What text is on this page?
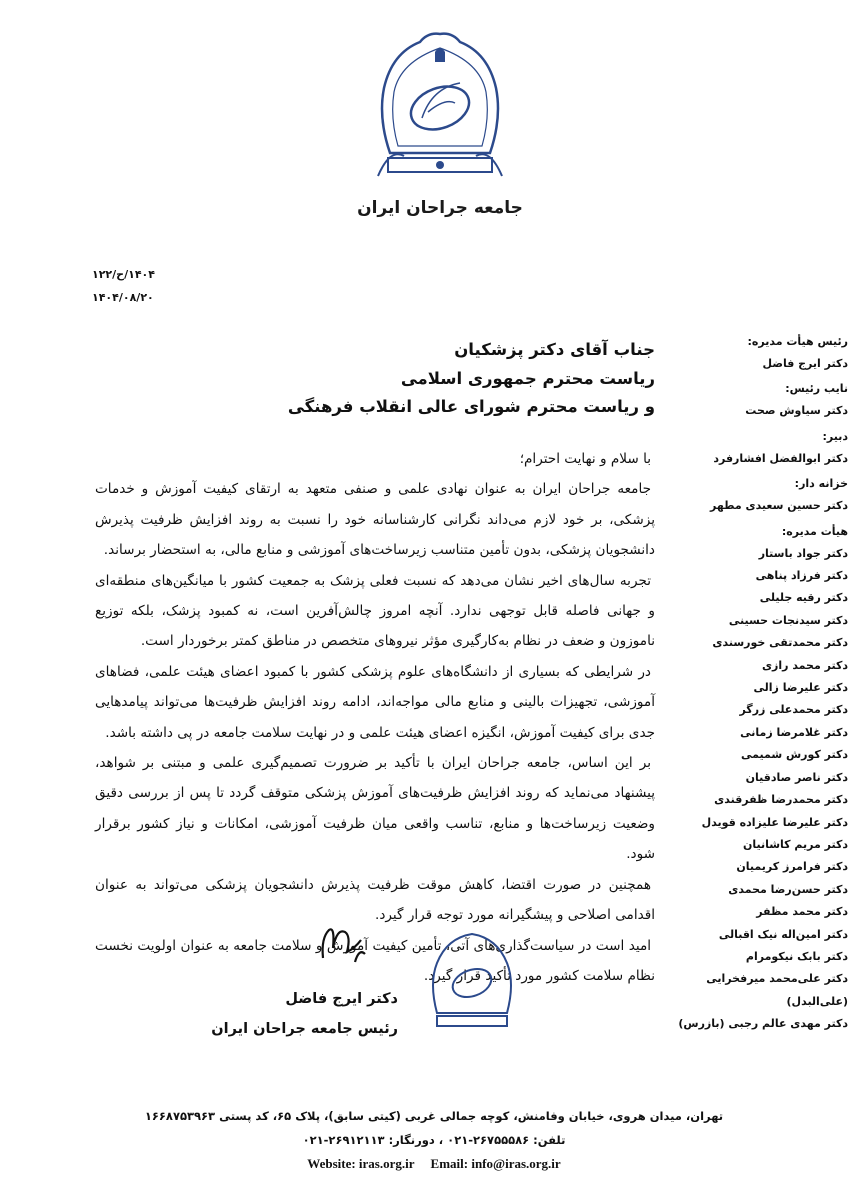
جامعه جراحان ایران
۱۴۰۴/ح/۱۲۲
۱۴۰۴/۰۸/۲۰
جناب آقای دکتر پزشکیان
ریاست محترم جمهوری اسلامی
و ریاست محترم شورای عالی انقلاب فرهنگی

با سلام و نهایت احترام؛

جامعه جراحان ایران به عنوان نهادی علمی و صنفی متعهد به ارتقای کیفیت آموزش و خدمات پزشکی، بر خود لازم می‌داند نگرانی کارشناسانه خود را نسبت به روند افزایش ظرفیت پذیرش دانشجویان پزشکی، بدون تأمین متناسب زیرساخت‌های آموزشی و منابع مالی، به استحضار برساند.

تجربه سال‌های اخیر نشان می‌دهد که نسبت فعلی پزشک به جمعیت کشور با میانگین‌های منطقه‌ای و جهانی فاصله قابل توجهی ندارد. آنچه امروز چالش‌آفرین است، نه کمبود پزشک، بلکه توزیع ناموزون و ضعف در نظام به‌کارگیری مؤثر نیروهای متخصص در مناطق کمتر برخوردار است.

در شرایطی که بسیاری از دانشگاه‌های علوم پزشکی کشور با کمبود اعضای هیئت علمی، فضاهای آموزشی، تجهیزات بالینی و منابع مالی مواجه‌اند، ادامه روند افزایش ظرفیت‌ها می‌تواند پیامدهایی جدی برای کیفیت آموزش، انگیزه اعضای هیئت علمی و در نهایت سلامت جامعه در پی داشته باشد.

بر این اساس، جامعه جراحان ایران با تأکید بر ضرورت تصمیم‌گیری علمی و مبتنی بر شواهد، پیشنهاد می‌نماید که روند افزایش ظرفیت‌های آموزش پزشکی متوقف گردد تا پس از بررسی دقیق وضعیت زیرساخت‌ها و منابع، تناسب واقعی میان ظرفیت آموزشی، امکانات و نیاز کشور برقرار شود.

همچنین در صورت اقتضا، کاهش موقت ظرفیت پذیرش دانشجویان پزشکی می‌تواند به عنوان اقدامی اصلاحی و پیشگیرانه مورد توجه قرار گیرد.

امید است در سیاست‌گذاری‌های آتی، تأمین کیفیت آموزش و سلامت جامعه به عنوان اولویت نخست نظام سلامت کشور مورد تأکید قرار گیرد.

دکتر ایرج فاضل
رئیس جامعه جراحان ایران
رئیس هیأت مدیره:
دکتر ایرج فاضل
نایب رئیس:
دکتر سیاوش صحت
دبیر:
دکتر ابوالفضل افشارفرد
خزانه دار:
دکتر حسین سعیدی مطهر
هیأت مدیره:
دکتر جواد باستار
دکتر فرزاد پناهی
دکتر رقیه جلیلی
دکتر سیدنجات حسینی
دکتر محمدتقی خورسندی
دکتر محمد رازی
دکتر علیرضا زالی
دکتر محمدعلی زرگر
دکتر غلامرضا زمانی
دکتر کورش شمیمی
دکتر ناصر صادقیان
دکتر محمدرضا ظفرقندی
دکتر علیرضا علیزاده قویدل
دکتر مریم کاشانیان
دکتر فرامرز کریمیان
دکتر حسن‌رضا محمدی
دکتر محمد مظفر
دکتر امین‌اله نیک اقبالی
دکتر بابک نیکومرام
دکتر علی‌محمد میرفخرایی (علی‌البدل)
دکتر مهدی عالم رجبی (بازرس)
تهران، میدان هروی، خیابان وفامنش، کوچه جمالی غربی (کیتی سابق)، پلاک ۶۵، کد پستی ۱۶۶۸۷۵۳۹۶۳
تلفن: ۲۶۷۵۵۵۸۶-۰۲۱ ، دورنگار: ۲۶۹۱۲۱۱۳-۰۲۱
Website: iras.org.ir Email: info@iras.org.ir
